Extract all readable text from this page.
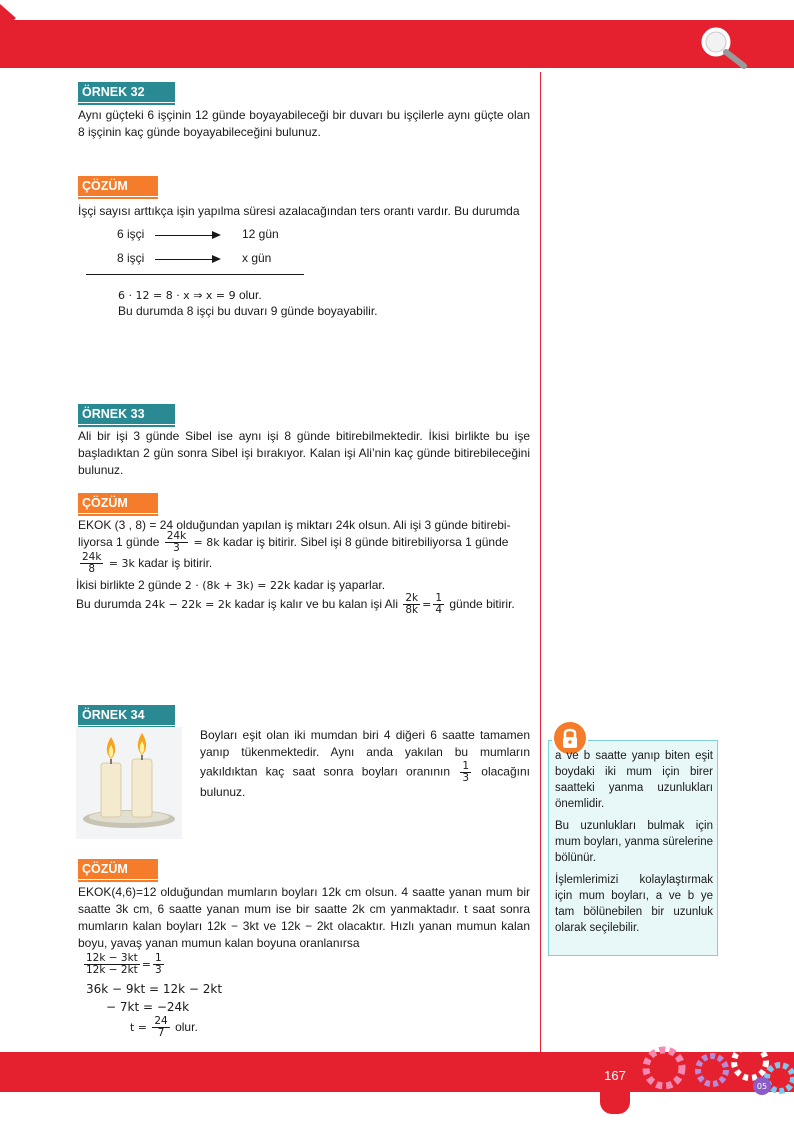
ÖRNEK 32
Aynı güçteki 6 işçinin 12 günde boyayabileceği bir duvarı bu işçilerle aynı güçte olan 8 işçinin kaç günde boyayabileceğini bulunuz.
ÇÖZÜM
İşçi sayısı arttıkça işin yapılma süresi azalacağından ters orantı vardır. Bu durumda
6 işçi	12 gün
8 işçi	x gün
6 · 12 = 8 · x ⇒ x = 9 olur.
Bu durumda 8 işçi bu duvarı 9 günde boyayabilir.
ÖRNEK 33
Ali bir işi 3 günde Sibel ise aynı işi 8 günde bitirebilmektedir. İkisi birlikte bu işe başladıktan 2 gün sonra Sibel işi bırakıyor. Kalan işi Ali’nin kaç günde bitirebileceğini bulunuz.
ÇÖZÜM
EKOK (3 , 8) = 24 olduğundan yapılan iş miktarı 24k olsun. Ali işi 3 günde bitirebi-
liyorsa 1 günde $\frac{24k}{3} = 8k$ kadar iş bitirir. Sibel işi 8 günde bitirebiliyorsa 1 günde
$\frac{24k}{8} = 3k$ kadar iş bitirir.
İkisi birlikte 2 günde 2 · (8k + 3k) = 22k kadar iş yaparlar.
Bu durumda 24k − 22k = 2k kadar iş kalır ve bu kalan işi Ali $\frac{2k}{8k} = \frac{1}{4}$ günde bitirir.
ÖRNEK 34
Boyları eşit olan iki mumdan biri 4 diğeri 6 saatte tamamen yanıp tükenmektedir. Aynı anda yakılan bu mumların yakıldıktan kaç saat sonra boyları oranının $\frac{1}{3}$ olacağını bulunuz.
ÇÖZÜM
EKOK(4,6)=12 olduğundan mumların boyları 12k cm olsun. 4 saatte yanan mum bir saatte 3k cm, 6 saatte yanan mum ise bir saatte 2k cm yanmaktadır. t saat sonra mumların kalan boyları 12k − 3kt ve 12k − 2kt olacaktır. Hızlı yanan mumun kalan boyu, yavaş yanan mumun kalan boyuna oranlanırsa
$\frac{12k - 3kt}{12k - 2kt} = \frac{1}{3}$
36k − 9kt = 12k − 2kt
− 7kt = −24k
$t = \frac{24}{7}$ olur.

a ve b saatte yanıp biten eşit boydaki iki mum için birer saatteki yanma uzunlukları önemlidir.

Bu uzunlukları bulmak için mum boyları, yanma sürelerine bölünür.

İşlemlerimizi kolaylaştırmak için mum boyları, a ve b ye tam bölünebilen bir uzunluk olarak seçilebilir.

167
05
